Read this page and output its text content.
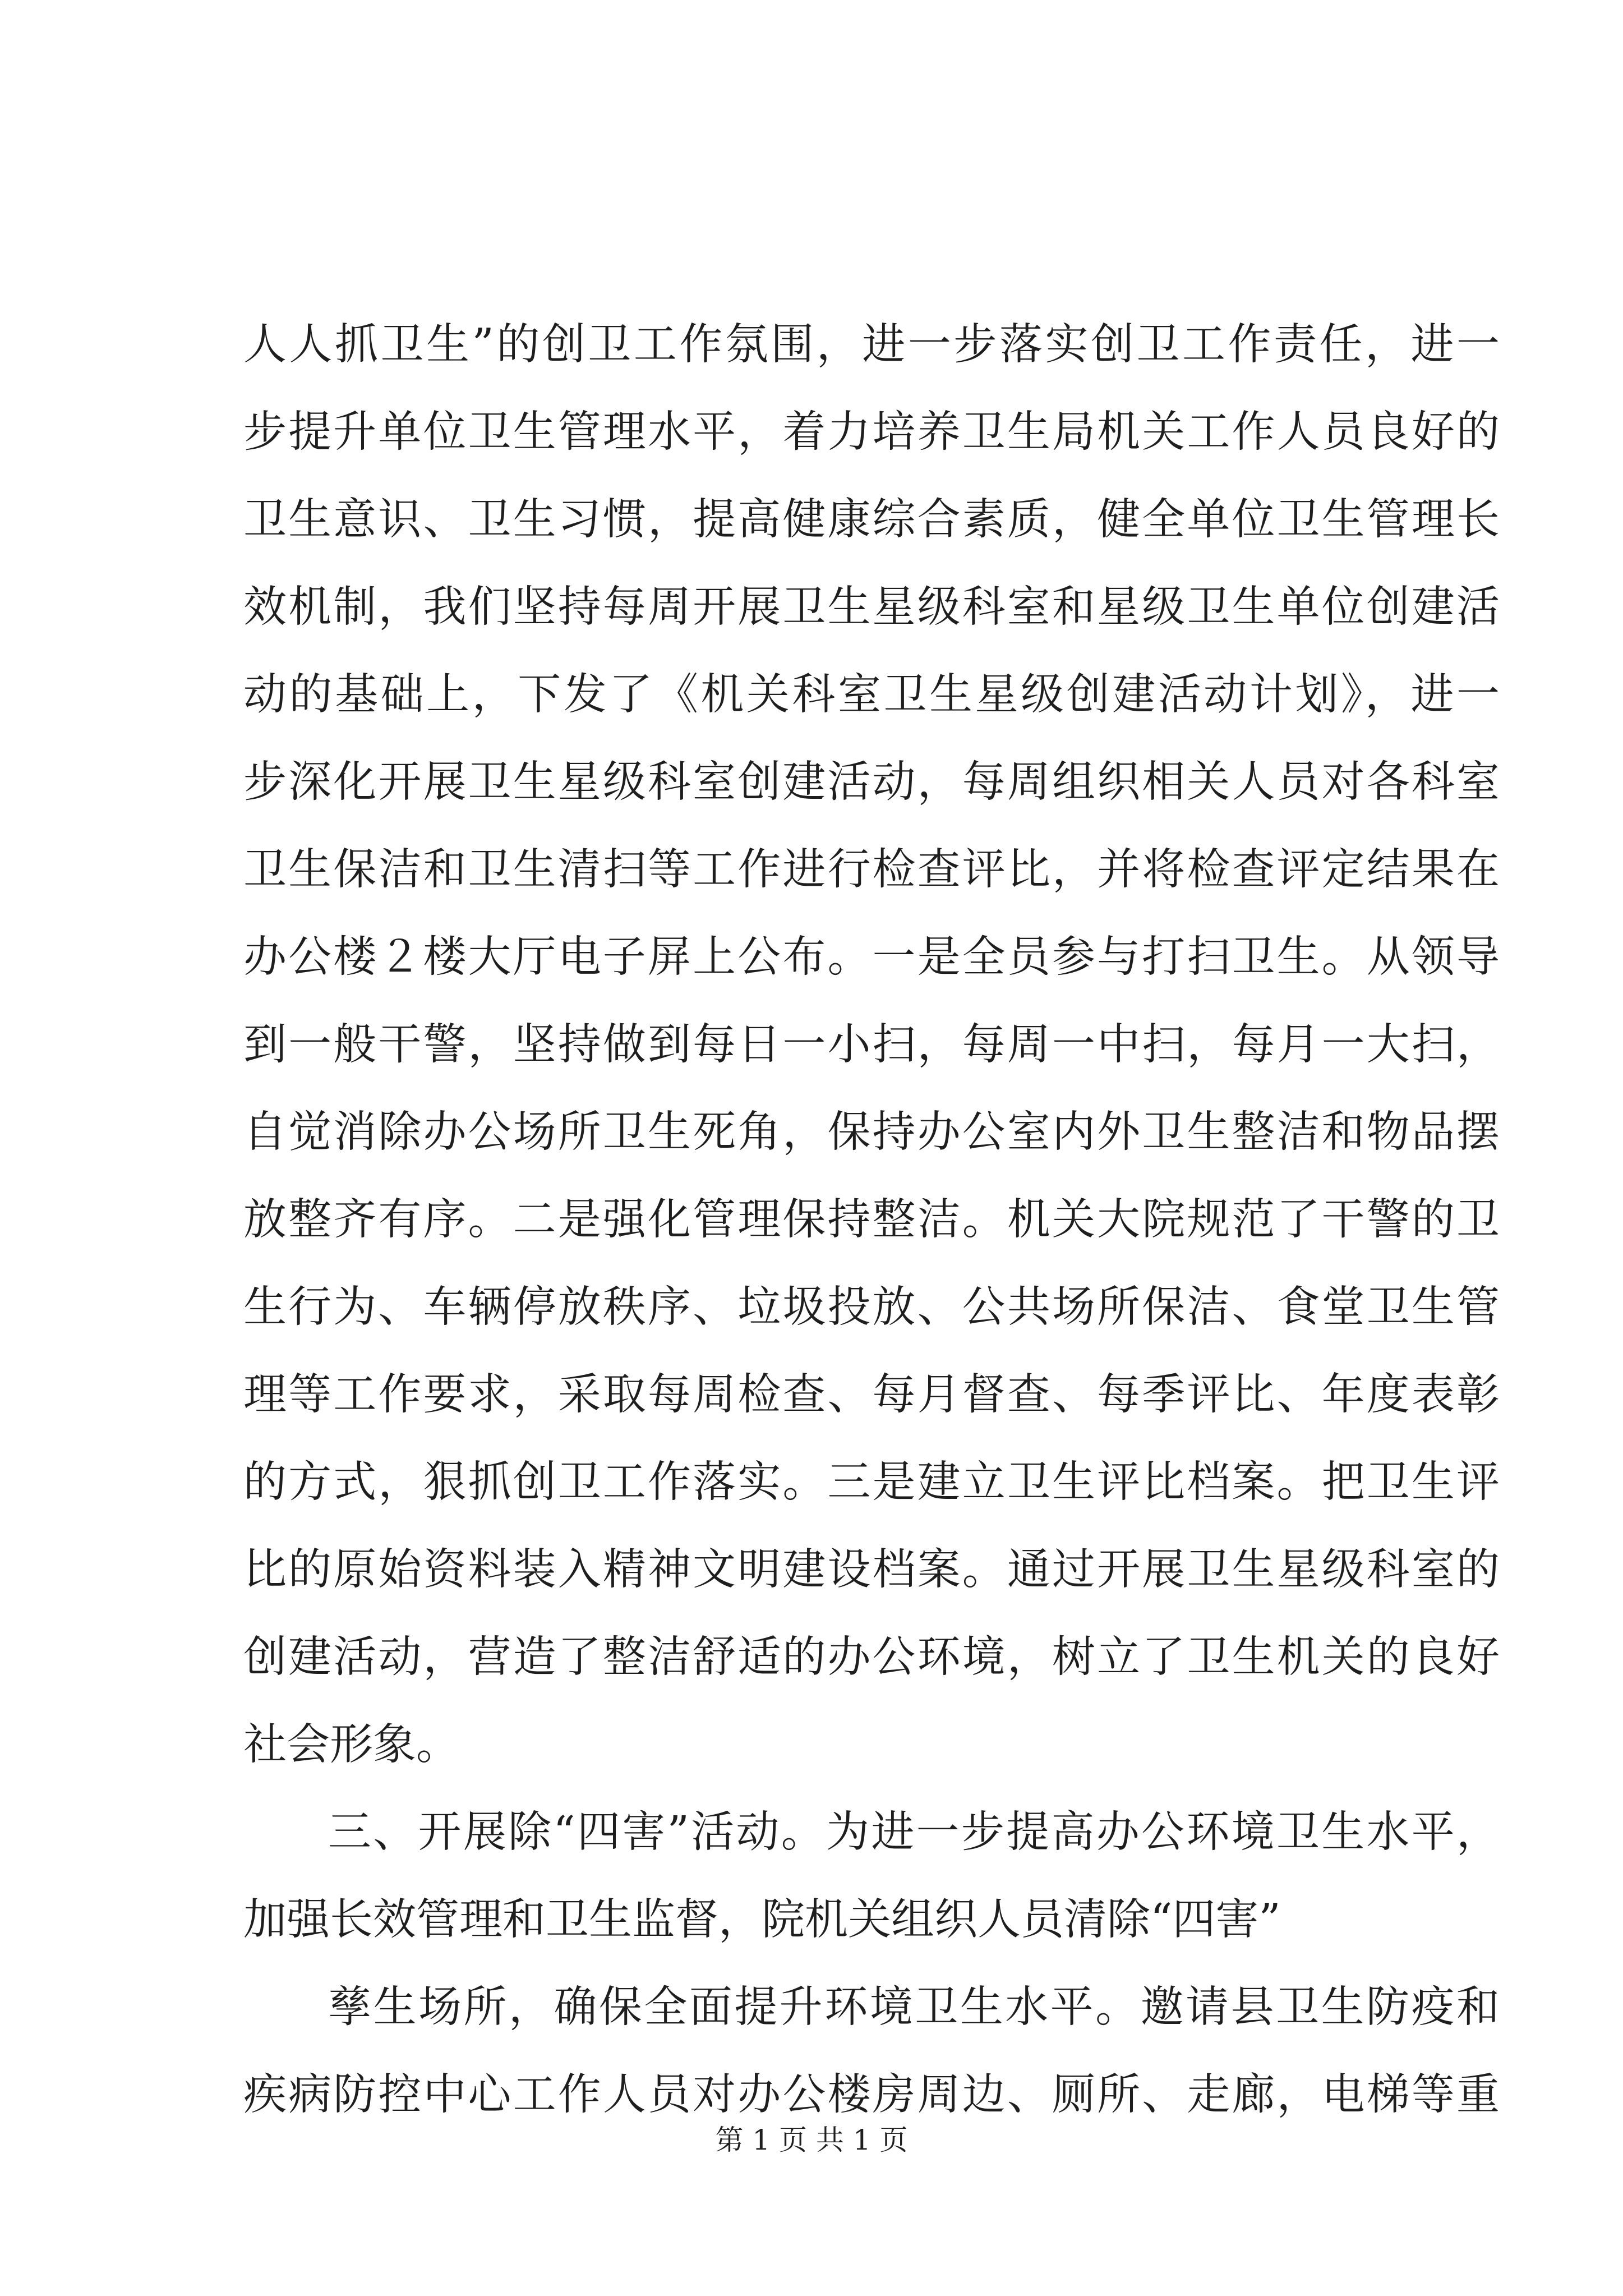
人人抓卫生”的创卫工作氛围，进一步落实创卫工作责任，进一

步提升单位卫生管理水平，着力培养卫生局机关工作人员良好的

卫生意识、卫生习惯，提高健康综合素质，健全单位卫生管理长

效机制，我们坚持每周开展卫生星级科室和星级卫生单位创建活

动的基础上，下发了《机关科室卫生星级创建活动计划》，进一

步深化开展卫生星级科室创建活动，每周组织相关人员对各科室

卫生保洁和卫生清扫等工作进行检查评比，并将检查评定结果在

办公楼２楼大厅电子屏上公布。一是全员参与打扫卫生。从领导

到一般干警，坚持做到每日一小扫，每周一中扫，每月一大扫，

自觉消除办公场所卫生死角，保持办公室内外卫生整洁和物品摆

放整齐有序。二是强化管理保持整洁。机关大院规范了干警的卫

生行为、车辆停放秩序、垃圾投放、公共场所保洁、食堂卫生管

理等工作要求，采取每周检查、每月督查、每季评比、年度表彰

的方式，狠抓创卫工作落实。三是建立卫生评比档案。把卫生评

比的原始资料装入精神文明建设档案。通过开展卫生星级科室的

创建活动，营造了整洁舒适的办公环境，树立了卫生机关的良好

社会形象。

三、开展除“四害”活动。为进一步提高办公环境卫生水平，

加强长效管理和卫生监督，院机关组织人员清除“四害”

孳生场所，确保全面提升环境卫生水平。邀请县卫生防疫和

疾病防控中心工作人员对办公楼房周边、厕所、走廊，电梯等重

第 1 页 共 1 页
